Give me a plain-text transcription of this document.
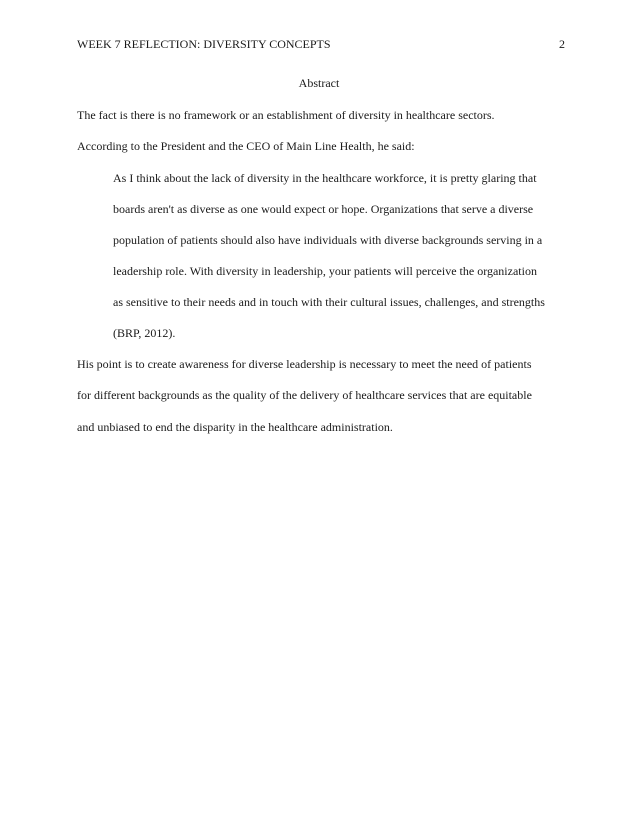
WEEK 7 REFLECTION: DIVERSITY CONCEPTS	2
Abstract
The fact is there is no framework or an establishment of diversity in healthcare sectors.
According to the President and the CEO of Main Line Health, he said:
As I think about the lack of diversity in the healthcare workforce, it is pretty glaring that
boards aren't as diverse as one would expect or hope. Organizations that serve a diverse
population of patients should also have individuals with diverse backgrounds serving in a
leadership role. With diversity in leadership, your patients will perceive the organization
as sensitive to their needs and in touch with their cultural issues, challenges, and strengths
(BRP, 2012).
His point is to create awareness for diverse leadership is necessary to meet the need of patients
for different backgrounds as the quality of the delivery of healthcare services that are equitable
and unbiased to end the disparity in the healthcare administration.
